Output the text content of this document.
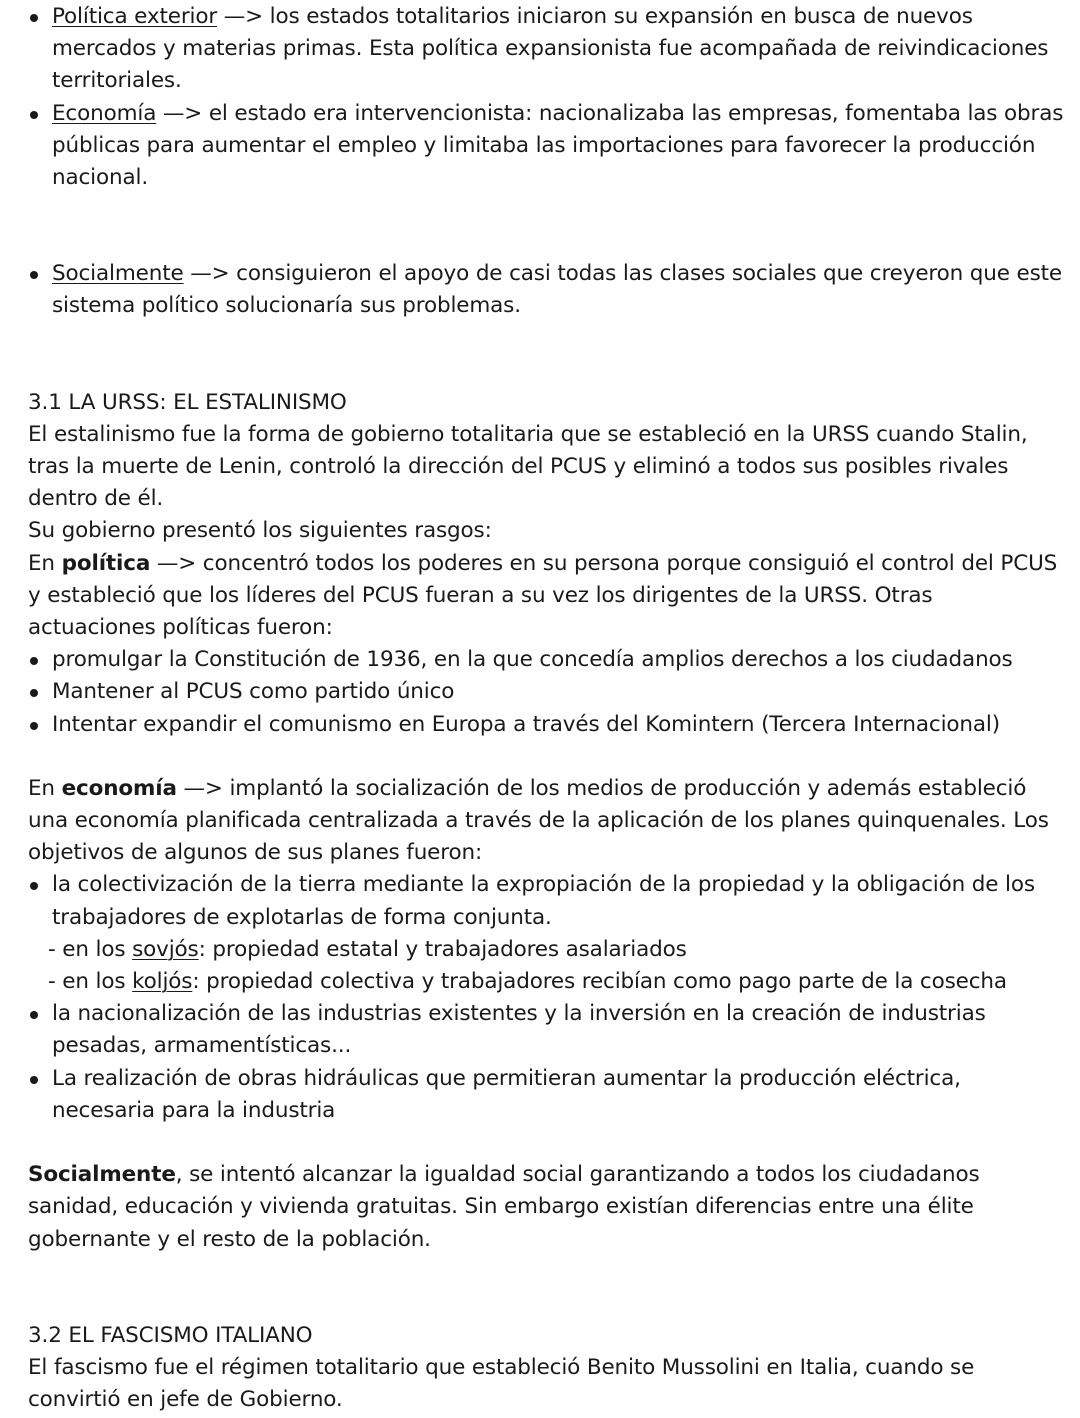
Política exterior —> los estados totalitarios iniciaron su expansión en busca de nuevos mercados y materias primas. Esta política expansionista fue acompañada de reivindicaciones territoriales.
Economía —> el estado era intervencionista: nacionalizaba las empresas, fomentaba las obras públicas para aumentar el empleo y limitaba las importaciones para favorecer la producción nacional.
Socialmente —> consiguieron el apoyo de casi todas las clases sociales que creyeron que este sistema político solucionaría sus problemas.

3.1 LA URSS: EL ESTALINISMO

El estalinismo fue la forma de gobierno totalitaria que se estableció en la URSS cuando Stalin, tras la muerte de Lenin, controló la dirección del PCUS y eliminó a todos sus posibles rivales dentro de él.

Su gobierno presentó los siguientes rasgos:

En política —> concentró todos los poderes en su persona porque consiguió el control del PCUS y estableció que los líderes del PCUS fueran a su vez los dirigentes de la URSS. Otras actuaciones políticas fueron:

promulgar la Constitución de 1936, en la que concedía amplios derechos a los ciudadanos
Mantener al PCUS como partido único
Intentar expandir el comunismo en Europa a través del Komintern (Tercera Internacional)

En economía —> implantó la socialización de los medios de producción y además estableció una economía planificada centralizada a través de la aplicación de los planes quinquenales. Los objetivos de algunos de sus planes fueron:

la colectivización de la tierra mediante la expropiación de la propiedad y la obligación de los trabajadores de explotarlas de forma conjunta.
- en los sovjós: propiedad estatal y trabajadores asalariados
- en los koljós: propiedad colectiva y trabajadores recibían como pago parte de la cosecha
la nacionalización de las industrias existentes y la inversión en la creación de industrias pesadas, armamentísticas...
La realización de obras hidráulicas que permitieran aumentar la producción eléctrica, necesaria para la industria

Socialmente, se intentó alcanzar la igualdad social garantizando a todos los ciudadanos sanidad, educación y vivienda gratuitas. Sin embargo existían diferencias entre una élite gobernante y el resto de la población.

3.2 EL FASCISMO ITALIANO

El fascismo fue el régimen totalitario que estableció Benito Mussolini en Italia, cuando se convirtió en jefe de Gobierno.
